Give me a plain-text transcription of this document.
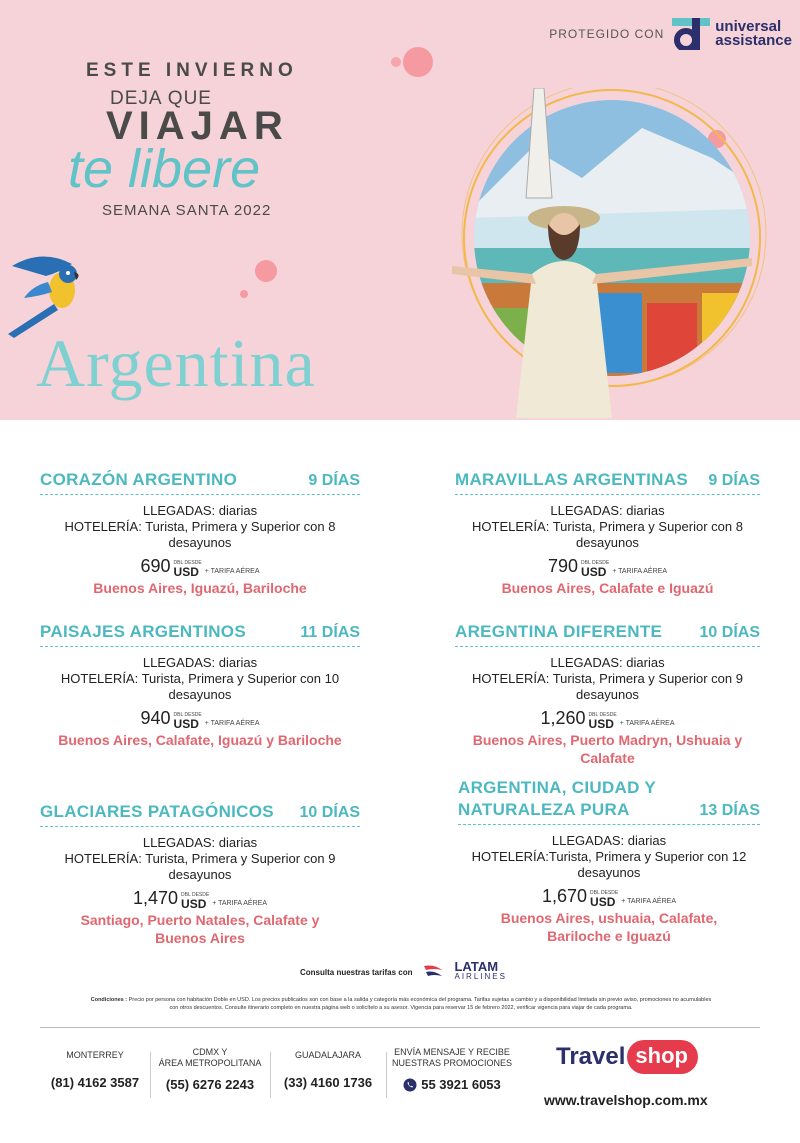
PROTEGIDO CON	universal
assistance
ESTE INVIERNO
DEJA QUE
VIAJAR
te libere
SEMANA SANTA 2022
Argentina
CORAZÓN ARGENTINO	9 DÍAS
LLEGADAS: diarias
HOTELERÍA: Turista, Primera y Superior con 8
desayunos
690 DBL DESDE
USD + TARIFA AÉREA
Buenos Aires, Iguazú, Bariloche
MARAVILLAS ARGENTINAS 9 DÍAS
LLEGADAS: diarias
HOTELERÍA: Turista, Primera y Superior con 8
desayunos
790 DBL DESDE
USD + TARIFA AÉREA
Buenos Aires, Calafate e Iguazú
PAISAJES ARGENTINOS	11 DÍAS
LLEGADAS: diarias
HOTELERÍA: Turista, Primera y Superior con 10
desayunos
940 DBL DESDE
USD + TARIFA AÉREA
Buenos Aires, Calafate, Iguazú y Bariloche
AREGNTINA DIFERENTE 10 DÍAS
LLEGADAS: diarias
HOTELERÍA: Turista, Primera y Superior con 9
desayunos
1,260 DBL DESDE
USD + TARIFA AÉREA
Buenos Aires, Puerto Madryn, Ushuaia y
Calafate
GLACIARES PATAGÓNICOS 10 DÍAS
LLEGADAS: diarias
HOTELERÍA: Turista, Primera y Superior con 9
desayunos
1,470 DBL DESDE
USD + TARIFA AÉREA
Santiago, Puerto Natales, Calafate y
Buenos Aires
ARGENTINA, CIUDAD Y
NATURALEZA PURA	13 DÍAS
LLEGADAS: diarias
HOTELERÍA:Turista, Primera y Superior con 12
desayunos
1,670 DBL DESDE
USD + TARIFA AÉREA
Buenos Aires, ushuaia, Calafate,
Bariloche e Iguazú
Consulta nuestras tarifas con	LATAM
AIRLINES
Condiciones : Precio por persona con habitación Doble en USD. Los precios publicados son con base a la salida y categoría más económica del programa. Tarifas sujetas a cambio y a disponibilidad limitada sin previo aviso, promociones no acumulables con otros descuentos. Consulte itinerario completo en nuestra página web o solicítelo a su asesor. Vigencia para reservar 15 de febrero 2022, verificar vigencia para viajar de cada programa.
MONTERREY
(81) 4162 3587
CDMX Y
ÁREA METROPOLITANA
(55) 6276 2243
GUADALAJARA
(33) 4160 1736
ENVÍA MENSAJE Y RECIBE
NUESTRAS PROMOCIONES
55 3921 6053
Travel shop
www.travelshop.com.mx
